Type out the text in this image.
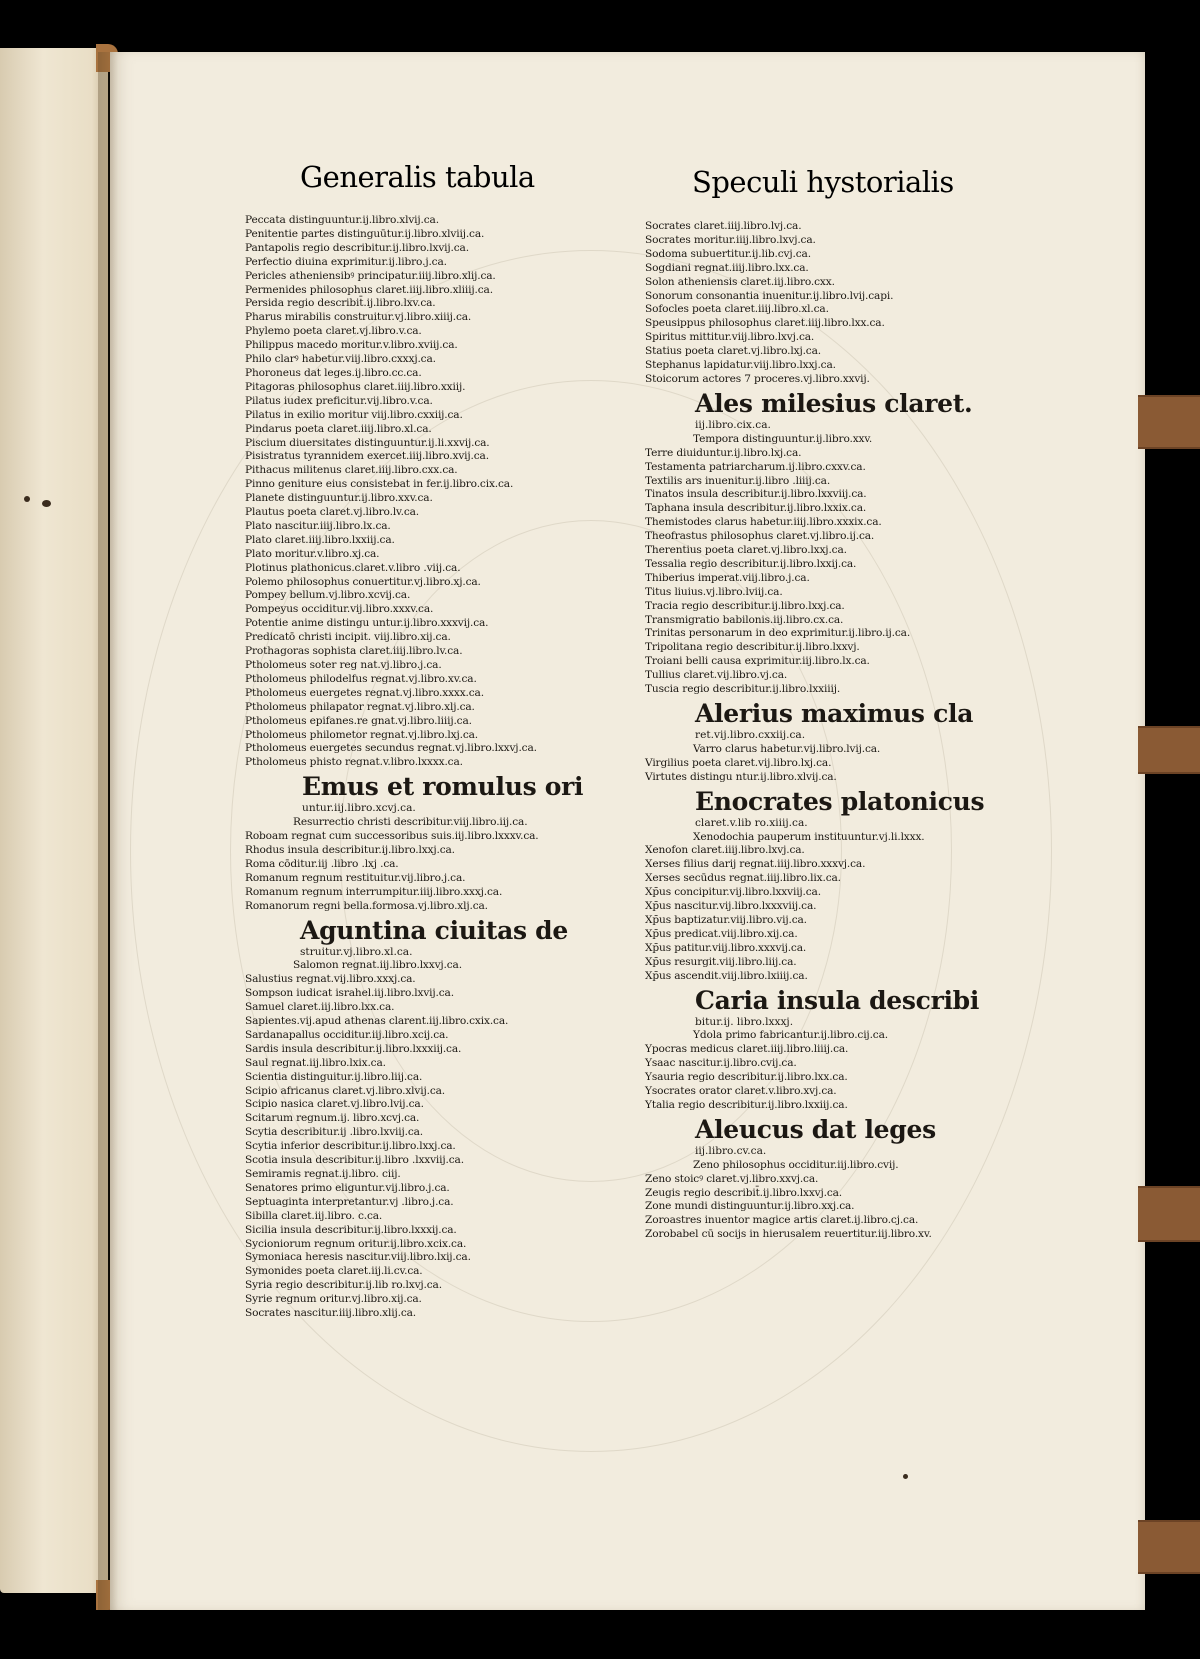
Generalis tabula	Speculi hystorialis
Peccata distinguuntur.ij.libro.xlvij.ca.
Penitentie partes distinguūtur.ij.libro.xlviij.ca.
Pantapolis regio describitur.ij.libro.lxvij.ca.
Perfectio diuina exprimitur.ij.libro.j.ca.
Pericles atheniensibꝰ principatur.iiij.libro.xlij.ca.
Permenides philosophus claret.iiij.libro.xliiij.ca.
Persida regio describit̄.ij.libro.lxv.ca.
Pharus mirabilis construitur.vj.libro.xiiij.ca.
Phylemo poeta claret.vj.libro.v.ca.
Philippus macedo moritur.v.libro.xviij.ca.
Philo clarꝰ habetur.viij.libro.cxxxj.ca.
Phoroneus dat leges.ij.libro.cc.ca.
Pitagoras philosophus claret.iiij.libro.xxiij.
Pilatus iudex preficitur.vij.libro.v.ca.
Pilatus in exilio moritur viij.libro.cxxiij.ca.
Pindarus poeta claret.iiij.libro.xl.ca.
Piscium diuersitates distinguuntur.ij.li.xxvij.ca.
Pisistratus tyrannidem exercet.iiij.libro.xvij.ca.
Pithacus militenus claret.iiij.libro.cxx.ca.
Pinno geniture eius consistebat in fer.ij.libro.cix.ca.
Planete distinguuntur.ij.libro.xxv.ca.
Plautus poeta claret.vj.libro.lv.ca.
Plato nascitur.iiij.libro.lx.ca.
Plato claret.iiij.libro.lxxiij.ca.
Plato moritur.v.libro.xj.ca.
Plotinus plathonicus.claret.v.libro .viij.ca.
Polemo philosophus conuertitur.vj.libro.xj.ca.
Pompey bellum.vj.libro.xcvij.ca.
Pompeyus occiditur.vij.libro.xxxv.ca.
Potentie anime distingu untur.ij.libro.xxxvij.ca.
Predicatō christi incipit. viij.libro.xij.ca.
Prothagoras sophista claret.iiij.libro.lv.ca.
Ptholomeus soter reg nat.vj.libro.j.ca.
Ptholomeus philodelfus regnat.vj.libro.xv.ca.
Ptholomeus euergetes regnat.vj.libro.xxxx.ca.
Ptholomeus philapator regnat.vj.libro.xlj.ca.
Ptholomeus epifanes.re gnat.vj.libro.liiij.ca.
Ptholomeus philometor regnat.vj.libro.lxj.ca.
Ptholomeus euergetes secundus regnat.vj.libro.lxxvj.ca.
Ptholomeus phisto regnat.v.libro.lxxxx.ca.
Emus et romulus ori
untur.iij.libro.xcvj.ca.
Resurrectio christi describitur.viij.libro.iij.ca.
Roboam regnat cum successoribus suis.iij.libro.lxxxv.ca.
Rhodus insula describitur.ij.libro.lxxj.ca.
Roma cōditur.iij .libro .lxj .ca.
Romanum regnum restituitur.vij.libro.j.ca.
Romanum regnum interrumpitur.iiij.libro.xxxj.ca.
Romanorum regni bella.formosa.vj.libro.xlj.ca.
Aguntina ciuitas de
struitur.vj.libro.xl.ca.
Salomon regnat.iij.libro.lxxvj.ca.
Salustius regnat.vij.libro.xxxj.ca.
Sompson iudicat israhel.iij.libro.lxvij.ca.
Samuel claret.iij.libro.lxx.ca.
Sapientes.vij.apud athenas clarent.iij.libro.cxix.ca.
Sardanapallus occiditur.iij.libro.xcij.ca.
Sardis insula describitur.ij.libro.lxxxiij.ca.
Saul regnat.iij.libro.lxix.ca.
Scientia distinguitur.ij.libro.liij.ca.
Scipio africanus claret.vj.libro.xlvij.ca.
Scipio nasica claret.vj.libro.lvij.ca.
Scitarum regnum.ij. libro.xcvj.ca.
Scytia describitur.ij .libro.lxviij.ca.
Scytia inferior describitur.ij.libro.lxxj.ca.
Scotia insula describitur.ij.libro .lxxviij.ca.
Semiramis regnat.ij.libro. ciij.
Senatores primo eliguntur.vij.libro.j.ca.
Septuaginta interpretantur.vj .libro.j.ca.
Sibilla claret.iij.libro. c.ca.
Sicilia insula describitur.ij.libro.lxxxij.ca.
Sycioniorum regnum oritur.ij.libro.xcix.ca.
Symoniaca heresis nascitur.viij.libro.lxij.ca.
Symonides poeta claret.iij.li.cv.ca.
Syria regio describitur.ij.lib ro.lxvj.ca.
Syrie regnum oritur.vj.libro.xij.ca.
Socrates nascitur.iiij.libro.xlij.ca.
Socrates claret.iiij.libro.lvj.ca.
Socrates moritur.iiij.libro.lxvj.ca.
Sodoma subuertitur.ij.lib.cvj.ca.
Sogdiani regnat.iiij.libro.lxx.ca.
Solon atheniensis claret.iij.libro.cxx.
Sonorum consonantia inuenitur.ij.libro.lvij.capi.
Sofocles poeta claret.iiij.libro.xl.ca.
Speusippus philosophus claret.iiij.libro.lxx.ca.
Spiritus mittitur.viij.libro.lxvj.ca.
Statius poeta claret.vj.libro.lxj.ca.
Stephanus lapidatur.viij.libro.lxxj.ca.
Stoicorum actores 7 proceres.vj.libro.xxvij.
Ales milesius claret.
iij.libro.cix.ca.
Tempora distinguuntur.ij.libro.xxv.
Terre diuiduntur.ij.libro.lxj.ca.
Testamenta patriarcharum.ij.libro.cxxv.ca.
Textilis ars inuenitur.ij.libro .liiij.ca.
Tinatos insula describitur.ij.libro.lxxviij.ca.
Taphana insula describitur.ij.libro.lxxix.ca.
Themistodes clarus habetur.iiij.libro.xxxix.ca.
Theofrastus philosophus claret.vj.libro.ij.ca.
Therentius poeta claret.vj.libro.lxxj.ca.
Tessalia regio describitur.ij.libro.lxxij.ca.
Thiberius imperat.viij.libro.j.ca.
Titus liuius.vj.libro.lviij.ca.
Tracia regio describitur.ij.libro.lxxj.ca.
Transmigratio babilonis.iij.libro.cx.ca.
Trinitas personarum in deo exprimitur.ij.libro.ij.ca.
Tripolitana regio describitur.ij.libro.lxxvj.
Troiani belli causa exprimitur.iij.libro.lx.ca.
Tullius claret.vij.libro.vj.ca.
Tuscia regio describitur.ij.libro.lxxiiij.
Alerius maximus cla
ret.vij.libro.cxxiij.ca.
Varro clarus habetur.vij.libro.lvij.ca.
Virgilius poeta claret.vij.libro.lxj.ca.
Virtutes distingu ntur.ij.libro.xlvij.ca.
Enocrates platonicus
claret.v.lib ro.xiiij.ca.
Xenodochia pauperum instituuntur.vj.li.lxxx.
Xenofon claret.iiij.libro.lxvj.ca.
Xerses filius darij regnat.iiij.libro.xxxvj.ca.
Xerses secūdus regnat.iiij.libro.lix.ca.
Xp̄us concipitur.vij.libro.lxxviij.ca.
Xp̄us nascitur.vij.libro.lxxxviij.ca.
Xp̄us baptizatur.viij.libro.vij.ca.
Xp̄us predicat.viij.libro.xij.ca.
Xp̄us patitur.viij.libro.xxxvij.ca.
Xp̄us resurgit.viij.libro.liij.ca.
Xp̄us ascendit.viij.libro.lxiiij.ca.
Caria insula describi
bitur.ij. libro.lxxxj.
Ydola primo fabricantur.ij.libro.cij.ca.
Ypocras medicus claret.iiij.libro.liiij.ca.
Ysaac nascitur.ij.libro.cvij.ca.
Ysauria regio describitur.ij.libro.lxx.ca.
Ysocrates orator claret.v.libro.xvj.ca.
Ytalia regio describitur.ij.libro.lxxiij.ca.
Aleucus dat leges
iij.libro.cv.ca.
Zeno philosophus occiditur.iij.libro.cvij.
Zeno stoicꝰ claret.vj.libro.xxvj.ca.
Zeugis regio describit̄.ij.libro.lxxvj.ca.
Zone mundi distinguuntur.ij.libro.xxj.ca.
Zoroastres inuentor magice artis claret.ij.libro.cj.ca.
Zorobabel cū socijs in hierusalem reuertitur.iij.libro.xv.
